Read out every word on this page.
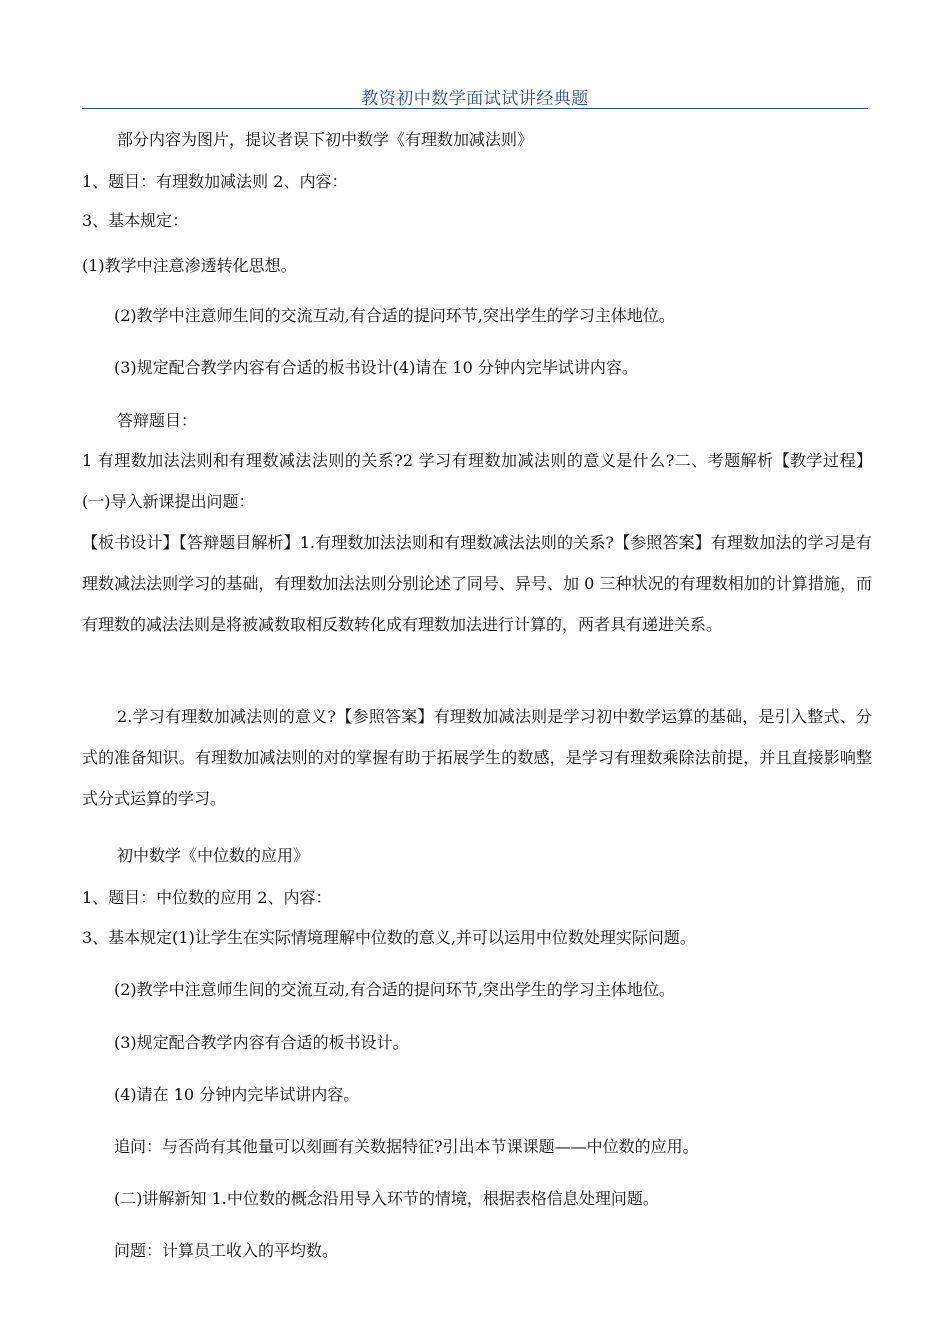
教资初中数学面试试讲经典题
部分内容为图片，提议者误下初中数学《有理数加减法则》
1、题目：有理数加减法则 2、内容：
3、基本规定：
(1)教学中注意渗透转化思想。
(2)教学中注意师生间的交流互动,有合适的提问环节,突出学生的学习主体地位。
(3)规定配合教学内容有合适的板书设计(4)请在 10 分钟内完毕试讲内容。
答辩题目：
1 有理数加法法则和有理数减法法则的关系?2 学习有理数加减法则的意义是什么?二、考题解析【教学过程】(一)导入新课提出问题：
【板书设计】【答辩题目解析】1.有理数加法法则和有理数减法法则的关系?【参照答案】有理数加法的学习是有理数减法法则学习的基础，有理数加法法则分别论述了同号、异号、加 0 三种状况的有理数相加的计算措施，而有理数的减法法则是将被减数取相反数转化成有理数加法进行计算的，两者具有递进关系。
2.学习有理数加减法则的意义?【参照答案】有理数加减法则是学习初中数学运算的基础，是引入整式、分式的准备知识。有理数加减法则的对的掌握有助于拓展学生的数感，是学习有理数乘除法前提，并且直接影响整式分式运算的学习。
初中数学《中位数的应用》
1、题目：中位数的应用 2、内容：
3、基本规定(1)让学生在实际情境理解中位数的意义,并可以运用中位数处理实际问题。
(2)教学中注意师生间的交流互动,有合适的提问环节,突出学生的学习主体地位。
(3)规定配合教学内容有合适的板书设计。
(4)请在 10 分钟内完毕试讲内容。
追问：与否尚有其他量可以刻画有关数据特征?引出本节课课题——中位数的应用。
(二)讲解新知 1.中位数的概念沿用导入环节的情境，根据表格信息处理问题。
问题：计算员工收入的平均数。
